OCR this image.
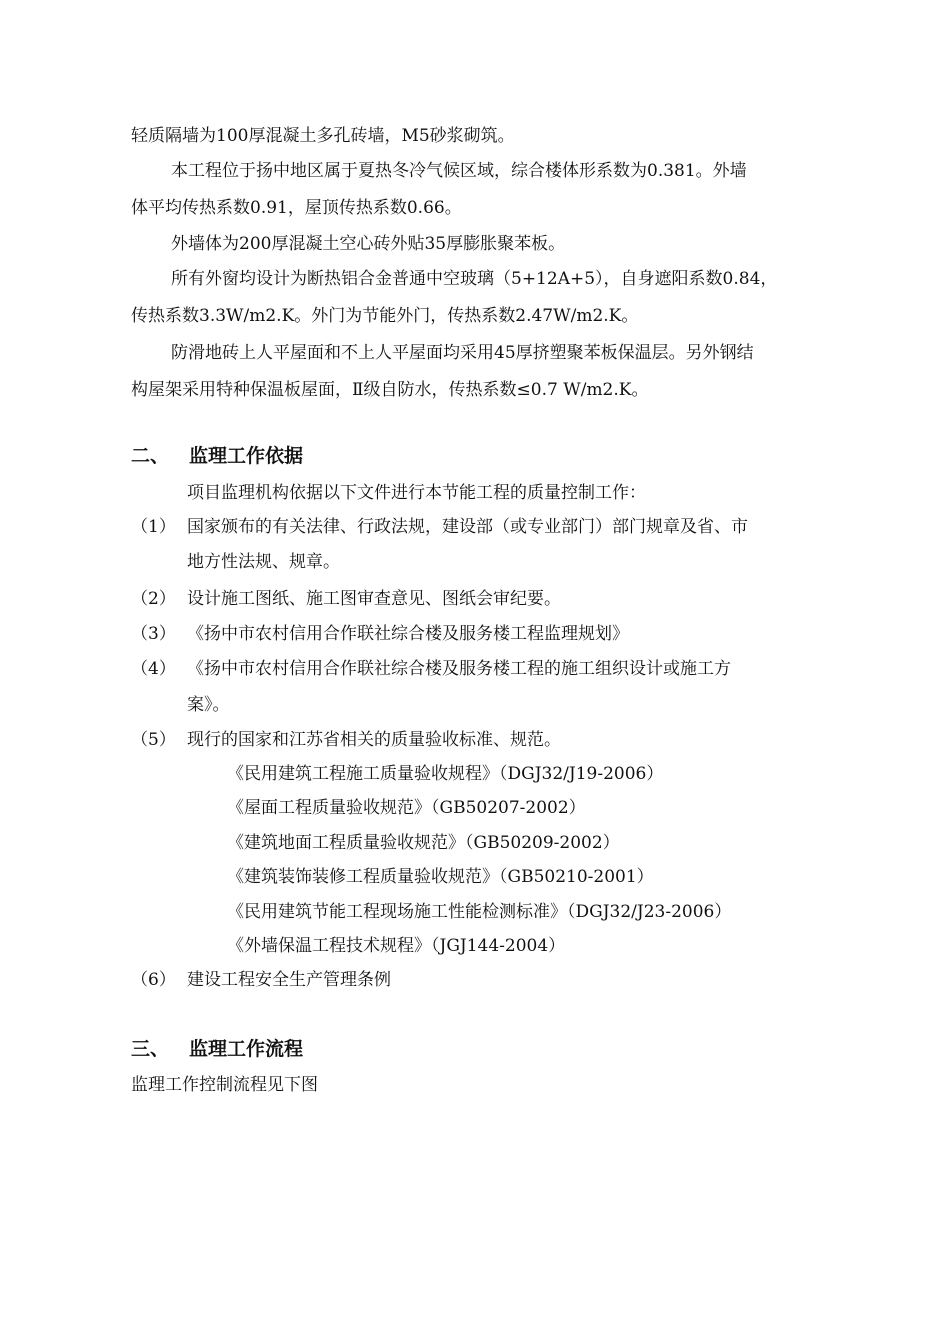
轻质隔墙为100厚混凝土多孔砖墙，M5砂浆砌筑。
本工程位于扬中地区属于夏热冬冷气候区域，综合楼体形系数为0.381。外墙
体平均传热系数0.91，屋顶传热系数0.66。
外墙体为200厚混凝土空心砖外贴35厚膨胀聚苯板。
所有外窗均设计为断热铝合金普通中空玻璃（5+12A+5），自身遮阳系数0.84，
传热系数3.3W/m2.K。外门为节能外门，传热系数2.47W/m2.K。
防滑地砖上人平屋面和不上人平屋面均采用45厚挤塑聚苯板保温层。另外钢结
构屋架采用特种保温板屋面，Ⅱ级自防水，传热系数≤0.7 W/m2.K。
二、 监理工作依据
项目监理机构依据以下文件进行本节能工程的质量控制工作：
（1） 国家颁布的有关法律、行政法规，建设部（或专业部门）部门规章及省、市
地方性法规、规章。
（2） 设计施工图纸、施工图审查意见、图纸会审纪要。
（3） 《扬中市农村信用合作联社综合楼及服务楼工程监理规划》
（4） 《扬中市农村信用合作联社综合楼及服务楼工程的施工组织设计或施工方
案》。
（5） 现行的国家和江苏省相关的质量验收标准、规范。
《民用建筑工程施工质量验收规程》（DGJ32/J19-2006）
《屋面工程质量验收规范》（GB50207-2002）
《建筑地面工程质量验收规范》（GB50209-2002）
《建筑装饰装修工程质量验收规范》（GB50210-2001）
《民用建筑节能工程现场施工性能检测标准》（DGJ32/J23-2006）
《外墙保温工程技术规程》（JGJ144-2004）
（6） 建设工程安全生产管理条例
三、 监理工作流程
监理工作控制流程见下图
